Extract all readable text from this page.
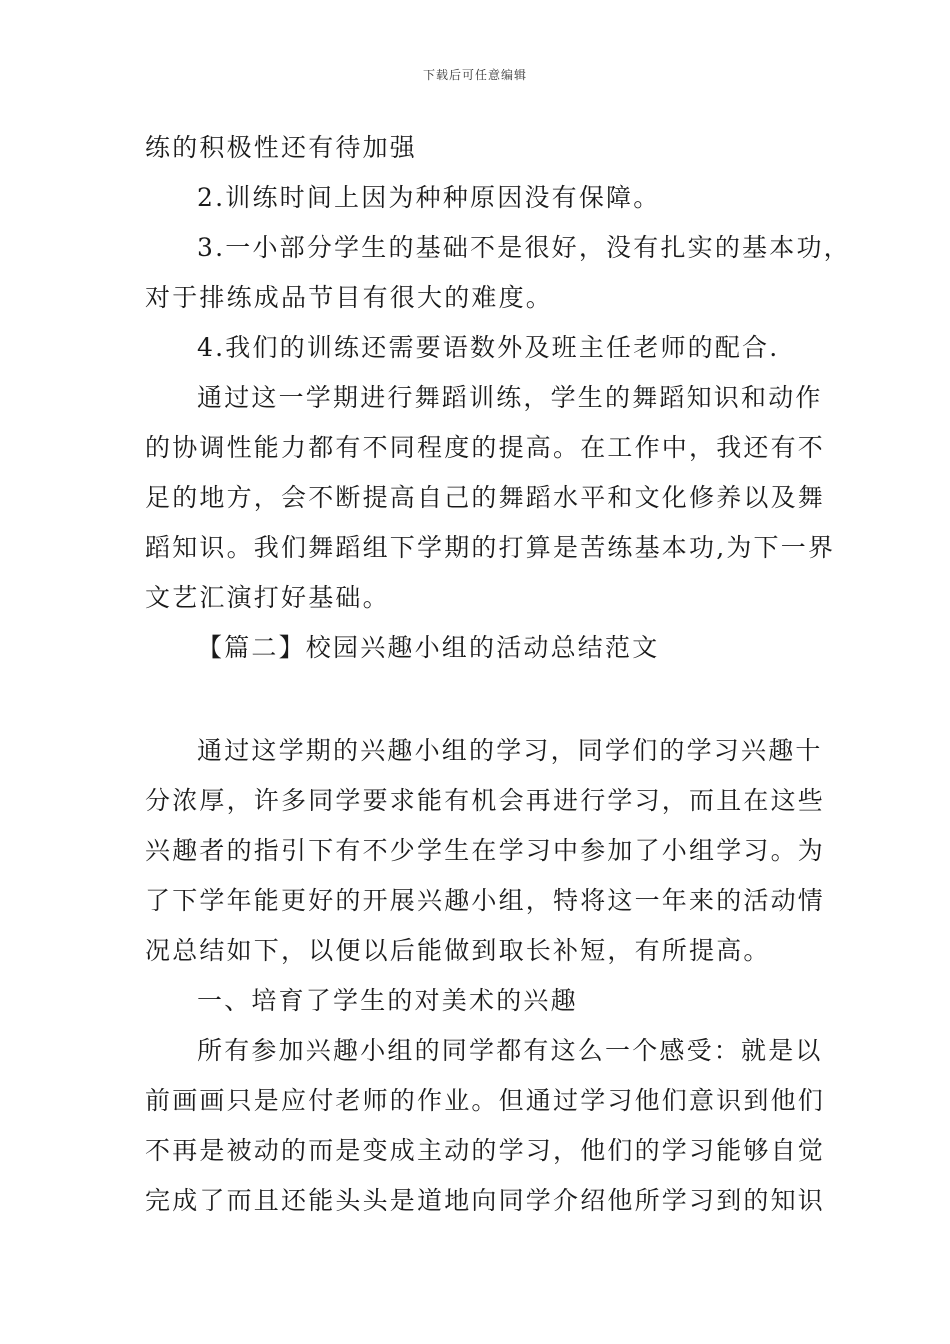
下载后可任意编辑
练的积极性还有待加强
2.训练时间上因为种种原因没有保障。
3.一小部分学生的基础不是很好，没有扎实的基本功，
对于排练成品节目有很大的难度。
4.我们的训练还需要语数外及班主任老师的配合.
通过这一学期进行舞蹈训练，学生的舞蹈知识和动作
的协调性能力都有不同程度的提高。在工作中，我还有不
足的地方，会不断提高自己的舞蹈水平和文化修养以及舞
蹈知识。我们舞蹈组下学期的打算是苦练基本功,为下一界
文艺汇演打好基础。
【篇二】校园兴趣小组的活动总结范文
通过这学期的兴趣小组的学习，同学们的学习兴趣十
分浓厚，许多同学要求能有机会再进行学习，而且在这些
兴趣者的指引下有不少学生在学习中参加了小组学习。为
了下学年能更好的开展兴趣小组，特将这一年来的活动情
况总结如下，以便以后能做到取长补短，有所提高。
一、培育了学生的对美术的兴趣
所有参加兴趣小组的同学都有这么一个感受：就是以
前画画只是应付老师的作业。但通过学习他们意识到他们
不再是被动的而是变成主动的学习，他们的学习能够自觉
完成了而且还能头头是道地向同学介绍他所学习到的知识
